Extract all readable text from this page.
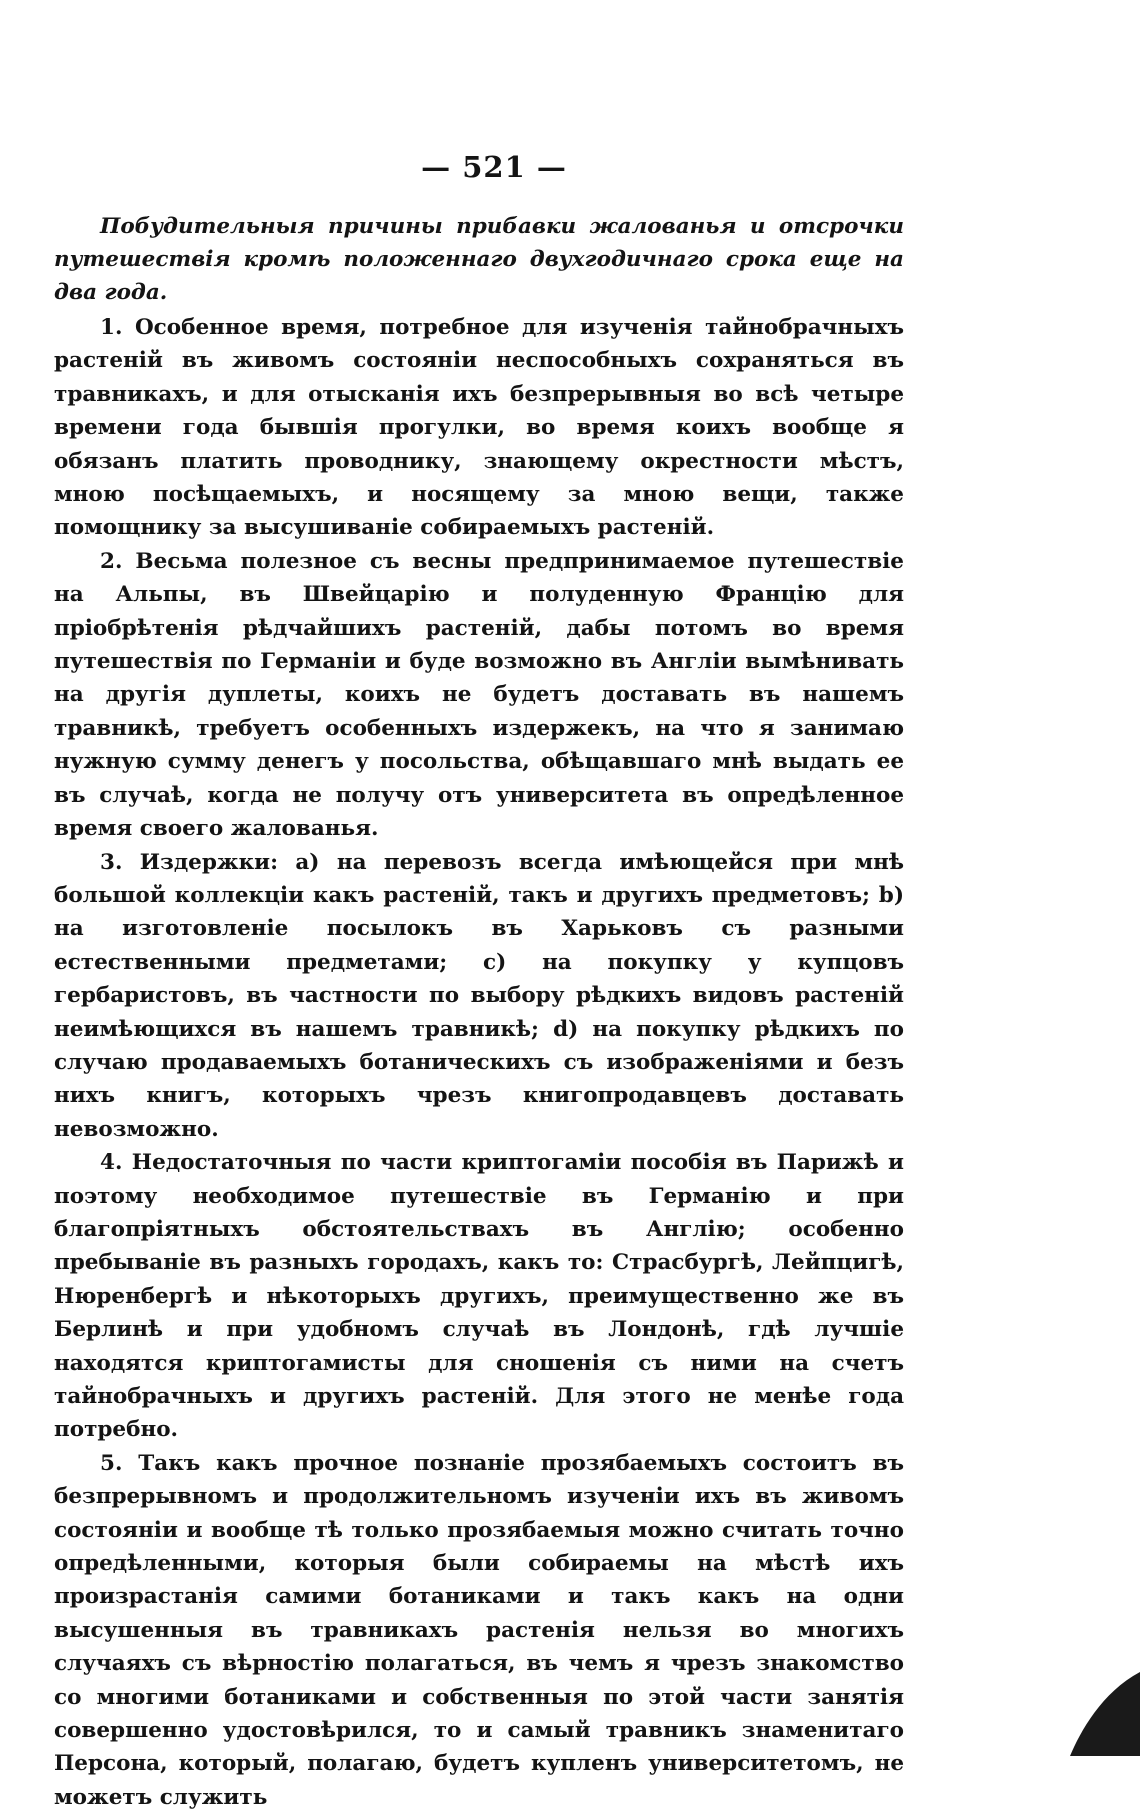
— 521 —

Побудительныя причины прибавки жалованья и отсрочки путешествія кромѣ положеннаго двухгодичнаго срока еще на два года.

1. Особенное время, потребное для изученія тайнобрачныхъ растеній въ живомъ состояніи неспособныхъ сохраняться въ травникахъ, и для отысканія ихъ безпрерывныя во всѣ четыре времени года бывшія прогулки, во время коихъ вообще я обязанъ платить проводнику, знающему окрестности мѣстъ, мною посѣщаемыхъ, и носящему за мною вещи, также помощнику за высушиваніе собираемыхъ растеній.

2. Весьма полезное съ весны предпринимаемое путешествіе на Альпы, въ Швейцарію и полуденную Францію для пріобрѣтенія рѣдчайшихъ растеній, дабы потомъ во время путешествія по Германіи и буде возможно въ Англіи вымѣнивать на другія дуплеты, коихъ не будетъ доставать въ нашемъ травникѣ, требуетъ особенныхъ издержекъ, на что я занимаю нужную сумму денегъ у посольства, обѣщавшаго мнѣ выдать ее въ случаѣ, когда не получу отъ университета въ опредѣленное время своего жалованья.

3. Издержки: a) на перевозъ всегда имѣющейся при мнѣ большой коллекціи какъ растеній, такъ и другихъ предметовъ; b) на изготовленіе посылокъ въ Харьковъ съ разными естественными предметами; c) на покупку у купцовъ гербаристовъ, въ частности по выбору рѣдкихъ видовъ растеній неимѣющихся въ нашемъ травникѣ; d) на покупку рѣдкихъ по случаю продаваемыхъ ботаническихъ съ изображеніями и безъ нихъ книгъ, которыхъ чрезъ книгопродавцевъ доставать невозможно.

4. Недостаточныя по части криптогаміи пособія въ Парижѣ и поэтому необходимое путешествіе въ Германію и при благопріятныхъ обстоятельствахъ въ Англію; особенно пребываніе въ разныхъ городахъ, какъ то: Страсбургѣ, Лейпцигѣ, Нюренбергѣ и нѣкоторыхъ другихъ, преимущественно же въ Берлинѣ и при удобномъ случаѣ въ Лондонѣ, гдѣ лучшіе находятся криптогамисты для сношенія съ ними на счетъ тайнобрачныхъ и другихъ растеній. Для этого не менѣе года потребно.

5. Такъ какъ прочное познаніе прозябаемыхъ состоитъ въ безпрерывномъ и продолжительномъ изученіи ихъ въ живомъ состояніи и вообще тѣ только прозябаемыя можно считать точно опредѣленными, которыя были собираемы на мѣстѣ ихъ произрастанія самими ботаниками и такъ какъ на одни высушенныя въ травникахъ растенія нельзя во многихъ случаяхъ съ вѣрностію полагаться, въ чемъ я чрезъ знакомство со многими ботаниками и собственныя по этой части занятія совершенно удостовѣрился, то и самый травникъ знаменитаго Персона, который, полагаю, будетъ купленъ университетомъ, не можетъ служить
